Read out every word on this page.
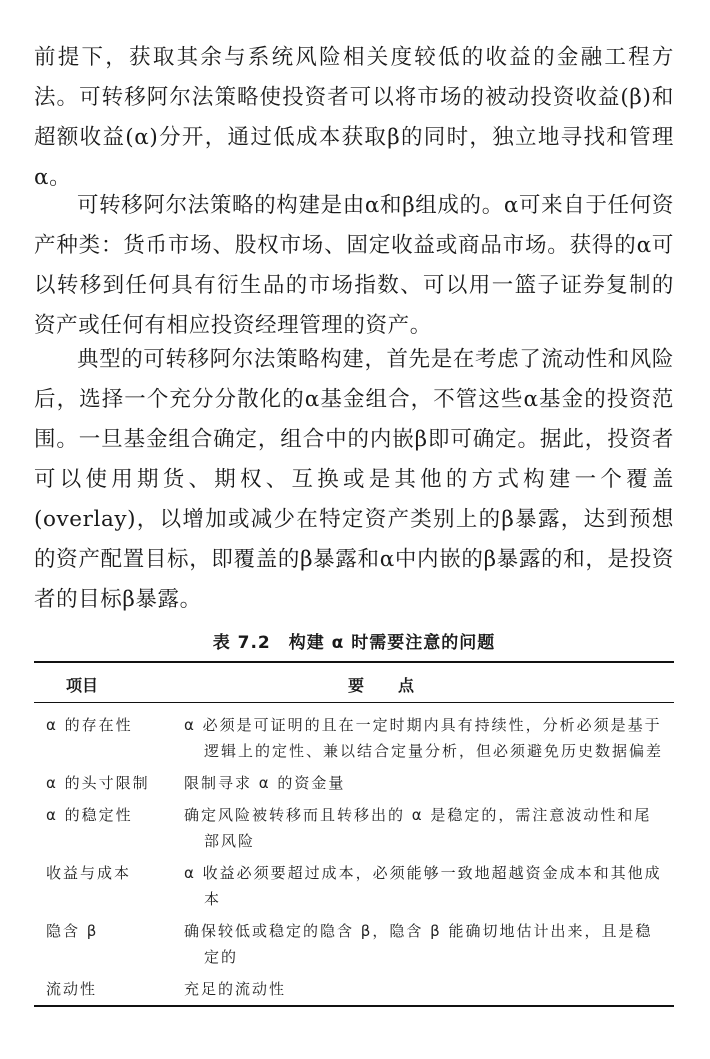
前提下，获取其余与系统风险相关度较低的收益的金融工程方法。可转移阿尔法策略使投资者可以将市场的被动投资收益(β)和超额收益(α)分开，通过低成本获取β的同时，独立地寻找和管理α。

可转移阿尔法策略的构建是由α和β组成的。α可来自于任何资产种类：货币市场、股权市场、固定收益或商品市场。获得的α可以转移到任何具有衍生品的市场指数、可以用一篮子证券复制的资产或任何有相应投资经理管理的资产。

典型的可转移阿尔法策略构建，首先是在考虑了流动性和风险后，选择一个充分分散化的α基金组合，不管这些α基金的投资范围。一旦基金组合确定，组合中的内嵌β即可确定。据此，投资者可以使用期货、期权、互换或是其他的方式构建一个覆盖(overlay)，以增加或减少在特定资产类别上的β暴露，达到预想的资产配置目标，即覆盖的β暴露和α中内嵌的β暴露的和，是投资者的目标β暴露。

表 7.2　构建 α 时需要注意的问题
项目	要点
α 的存在性	α 必须是可证明的且在一定时期内具有持续性，分析必须是基于逻辑上的定性、兼以结合定量分析，但必须避免历史数据偏差
α 的头寸限制	限制寻求 α 的资金量
α 的稳定性	确定风险被转移而且转移出的 α 是稳定的，需注意波动性和尾部风险
收益与成本	α 收益必须要超过成本，必须能够一致地超越资金成本和其他成本
隐含 β	确保较低或稳定的隐含 β，隐含 β 能确切地估计出来，且是稳定的
流动性	充足的流动性
